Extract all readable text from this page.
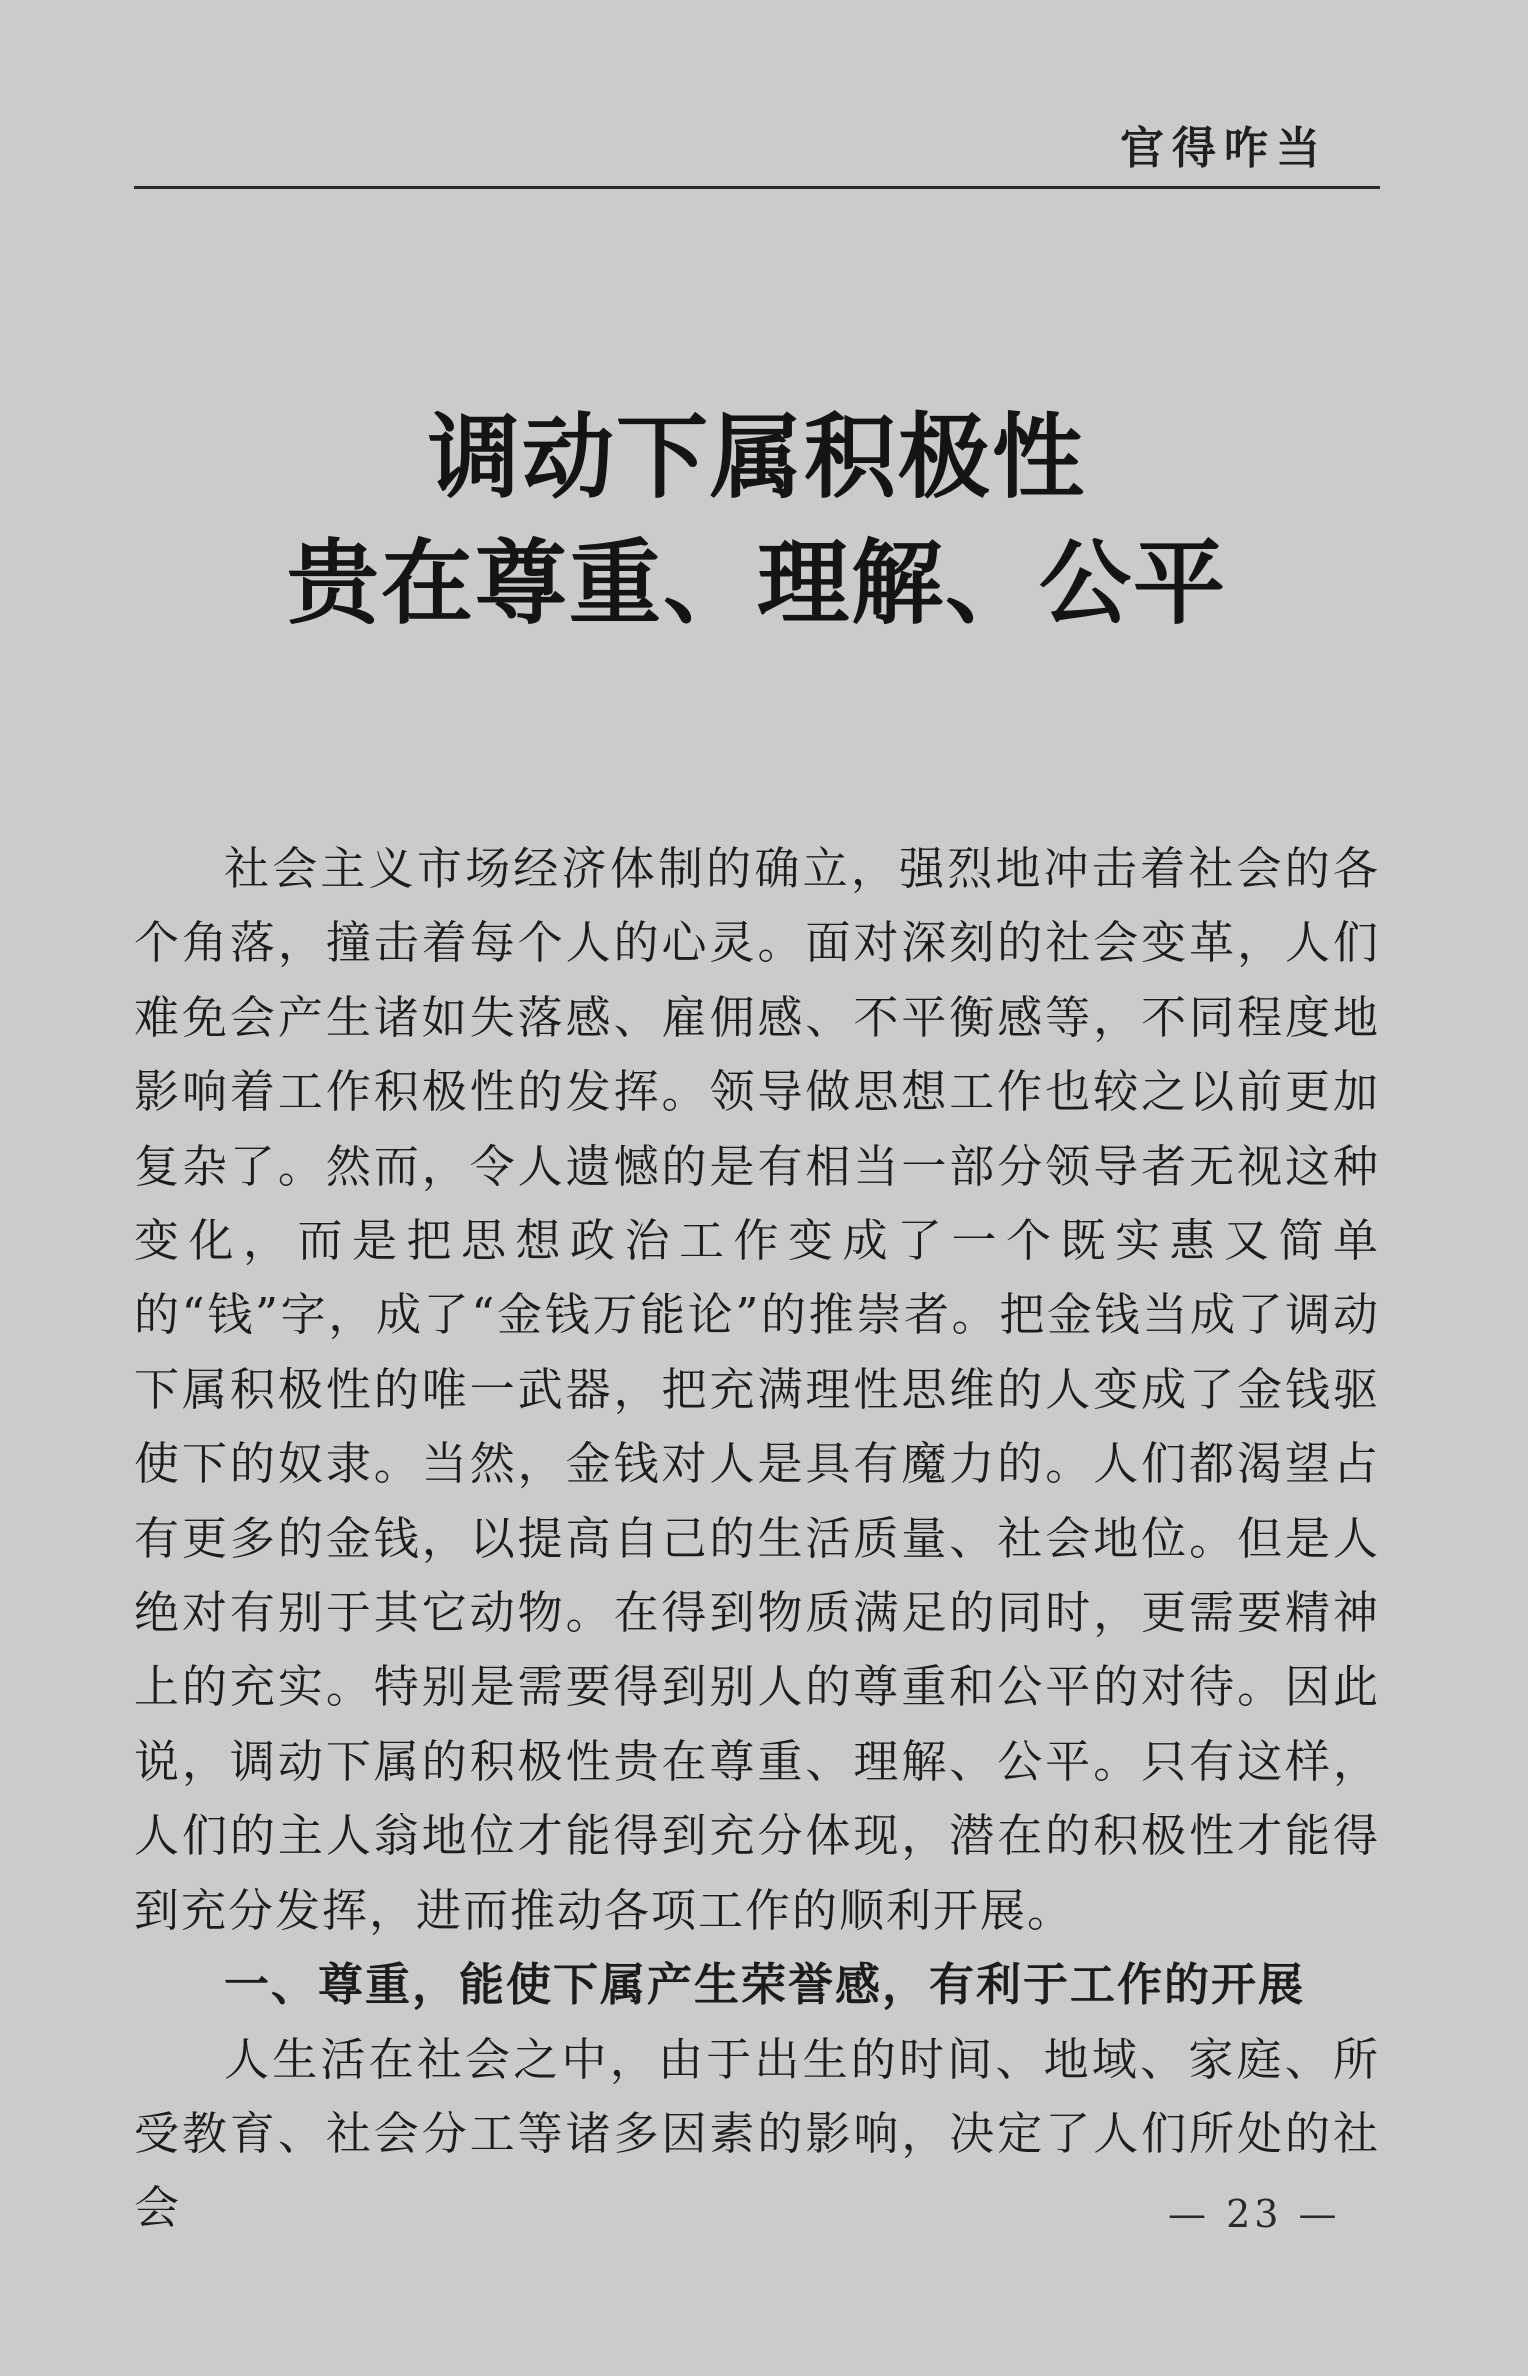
官得咋当
调动下属积极性
贵在尊重、理解、公平

社会主义市场经济体制的确立，强烈地冲击着社会的各个角落，撞击着每个人的心灵。面对深刻的社会变革，人们难免会产生诸如失落感、雇佣感、不平衡感等，不同程度地影响着工作积极性的发挥。领导做思想工作也较之以前更加复杂了。然而，令人遗憾的是有相当一部分领导者无视这种变化，而是把思想政治工作变成了一个既实惠又简单的“钱”字，成了“金钱万能论”的推崇者。把金钱当成了调动下属积极性的唯一武器，把充满理性思维的人变成了金钱驱使下的奴隶。当然，金钱对人是具有魔力的。人们都渴望占有更多的金钱，以提高自己的生活质量、社会地位。但是人绝对有别于其它动物。在得到物质满足的同时，更需要精神上的充实。特别是需要得到别人的尊重和公平的对待。因此说，调动下属的积极性贵在尊重、理解、公平。只有这样，人们的主人翁地位才能得到充分体现，潜在的积极性才能得到充分发挥，进而推动各项工作的顺利开展。

一、尊重，能使下属产生荣誉感，有利于工作的开展

人生活在社会之中，由于出生的时间、地域、家庭、所受教育、社会分工等诸多因素的影响，决定了人们所处的社会	— 23 —
